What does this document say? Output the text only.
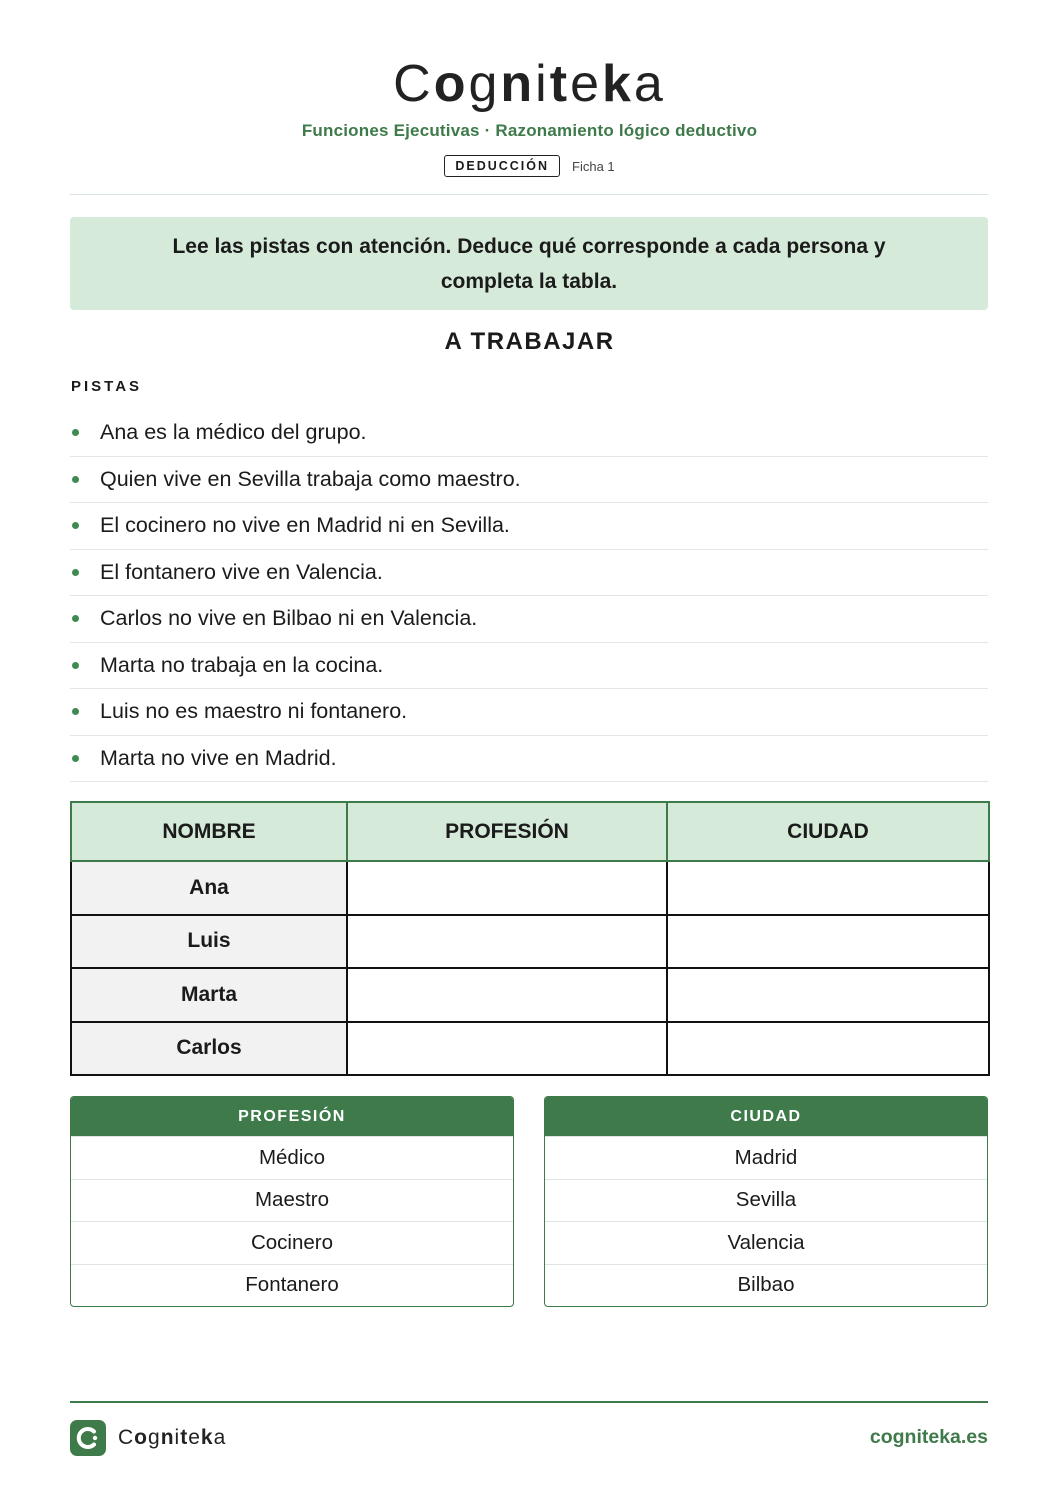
Cogniteka
Funciones Ejecutivas · Razonamiento lógico deductivo
DEDUCCIÓN	Ficha 1
Lee las pistas con atención. Deduce qué corresponde a cada persona y completa la tabla.
A TRABAJAR
PISTAS
Ana es la médico del grupo.
Quien vive en Sevilla trabaja como maestro.
El cocinero no vive en Madrid ni en Sevilla.
El fontanero vive en Valencia.
Carlos no vive en Bilbao ni en Valencia.
Marta no trabaja en la cocina.
Luis no es maestro ni fontanero.
Marta no vive en Madrid.
NOMBRE	PROFESIÓN	CIUDAD
Ana		
Luis		
Marta		
Carlos		
PROFESIÓN
Médico
Maestro
Cocinero
Fontanero
CIUDAD
Madrid
Sevilla
Valencia
Bilbao
Cogniteka	cogniteka.es
